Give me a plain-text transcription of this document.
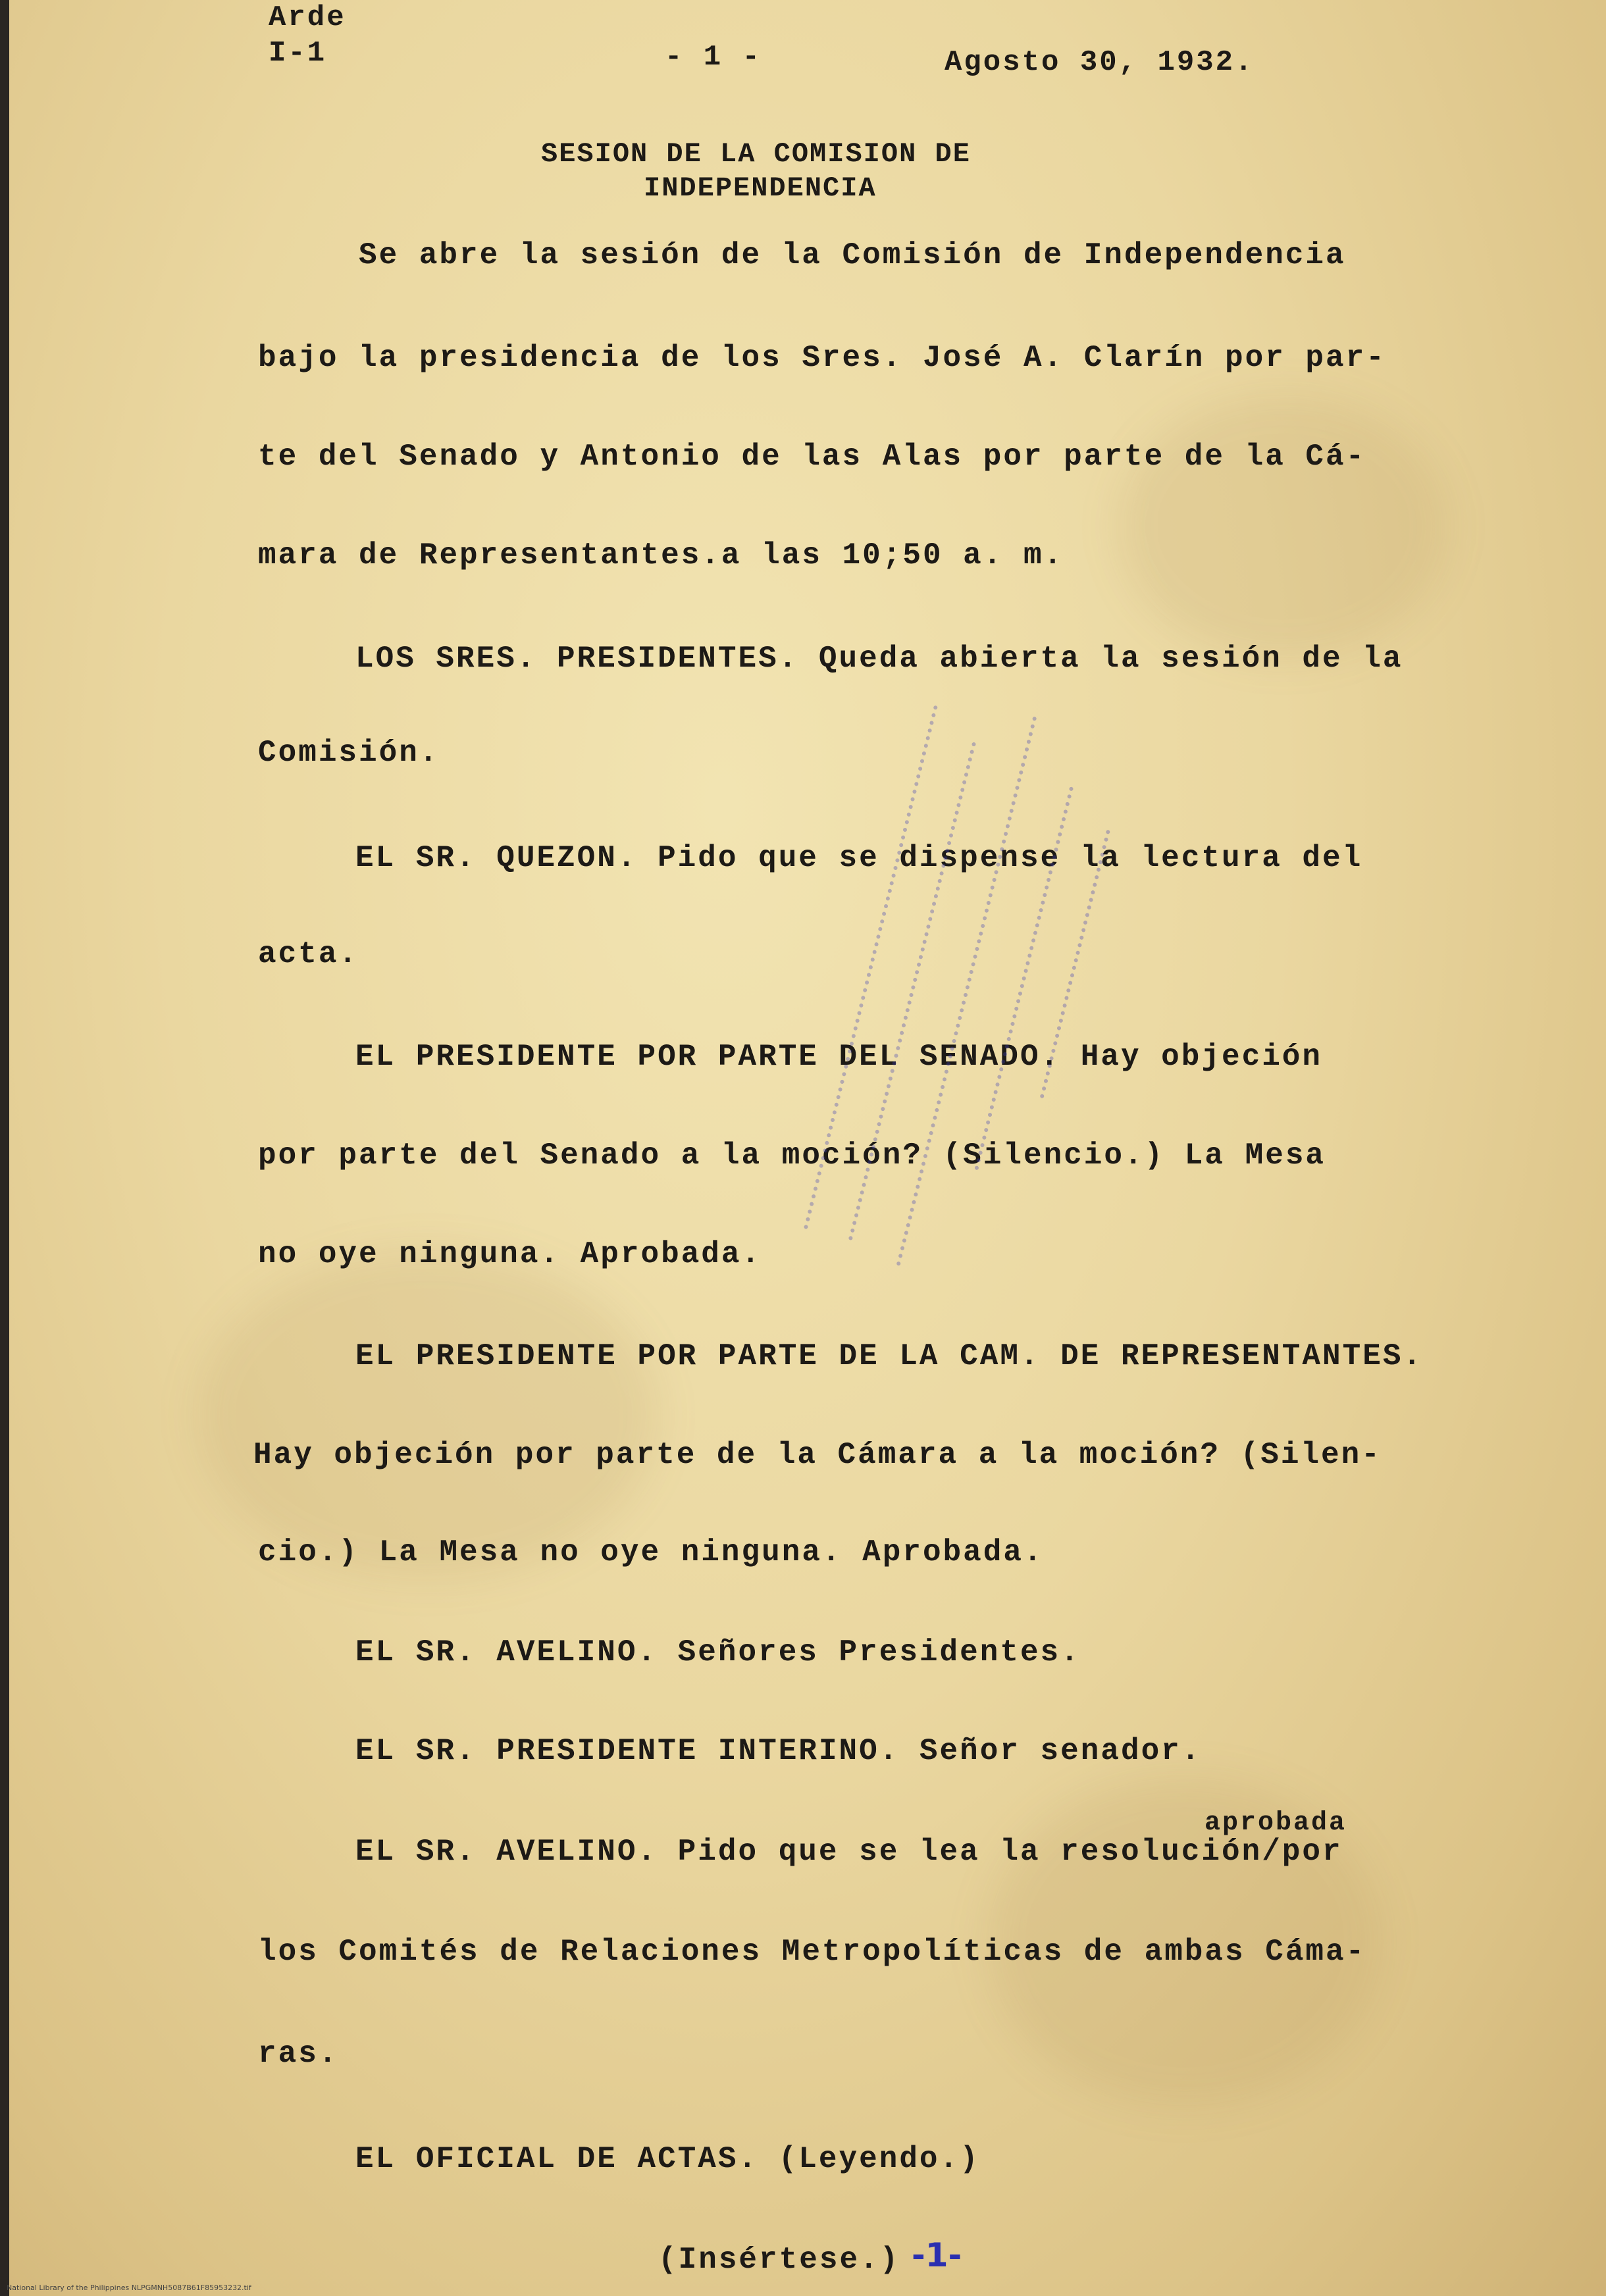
Arde
I-1	- 1 -	Agosto 30, 1932.
SESION DE LA COMISION DE
INDEPENDENCIA
Se abre la sesión de la Comisión de Independencia
bajo la presidencia de los Sres. José A. Clarín por par-
te del Senado y Antonio de las Alas por parte de la Cá-
mara de Representantes.a las 10;50 a. m.
LOS SRES. PRESIDENTES. Queda abierta la sesión de la
Comisión.
EL SR. QUEZON. Pido que se dispense la lectura del
acta.
EL PRESIDENTE POR PARTE DEL SENADO. Hay objeción
por parte del Senado a la moción? (Silencio.) La Mesa
no oye ninguna. Aprobada.
EL PRESIDENTE POR PARTE DE LA CAM. DE REPRESENTANTES.
Hay objeción por parte de la Cámara a la moción? (Silen-
cio.) La Mesa no oye ninguna. Aprobada.
EL SR. AVELINO. Señores Presidentes.
EL SR. PRESIDENTE INTERINO. Señor senador.
aprobada
EL SR. AVELINO. Pido que se lea la resolución/por
los Comités de Relaciones Metropolíticas de ambas Cáma-
ras.
EL OFICIAL DE ACTAS. (Leyendo.)
(Insértese.) -1-
National Library of the Philippines NLPGMNH5087B61F85953232.tif
